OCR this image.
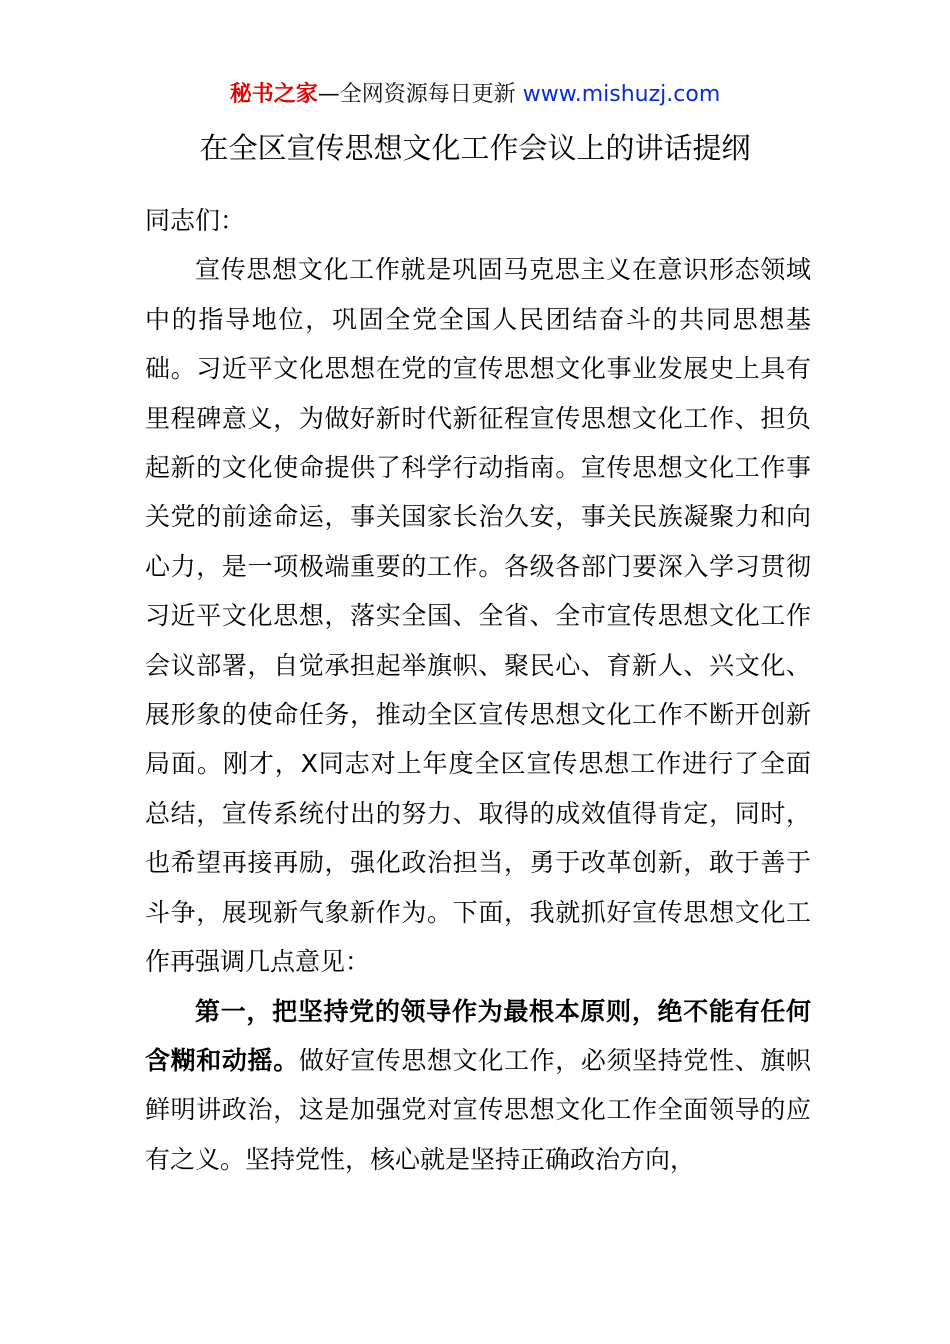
秘书之家—全网资源每日更新 www.mishuzj.com
在全区宣传思想文化工作会议上的讲话提纲

同志们：

宣传思想文化工作就是巩固马克思主义在意识形态领域中的指导地位，巩固全党全国人民团结奋斗的共同思想基础。习近平文化思想在党的宣传思想文化事业发展史上具有里程碑意义，为做好新时代新征程宣传思想文化工作、担负起新的文化使命提供了科学行动指南。宣传思想文化工作事关党的前途命运，事关国家长治久安，事关民族凝聚力和向心力，是一项极端重要的工作。各级各部门要深入学习贯彻习近平文化思想，落实全国、全省、全市宣传思想文化工作会议部署，自觉承担起举旗帜、聚民心、育新人、兴文化、展形象的使命任务，推动全区宣传思想文化工作不断开创新局面。刚才，X同志对上年度全区宣传思想工作进行了全面总结，宣传系统付出的努力、取得的成效值得肯定，同时，也希望再接再励，强化政治担当，勇于改革创新，敢于善于斗争，展现新气象新作为。下面，我就抓好宣传思想文化工作再强调几点意见：

第一，把坚持党的领导作为最根本原则，绝不能有任何含糊和动摇。做好宣传思想文化工作，必须坚持党性、旗帜鲜明讲政治，这是加强党对宣传思想文化工作全面领导的应有之义。坚持党性，核心就是坚持正确政治方向，
